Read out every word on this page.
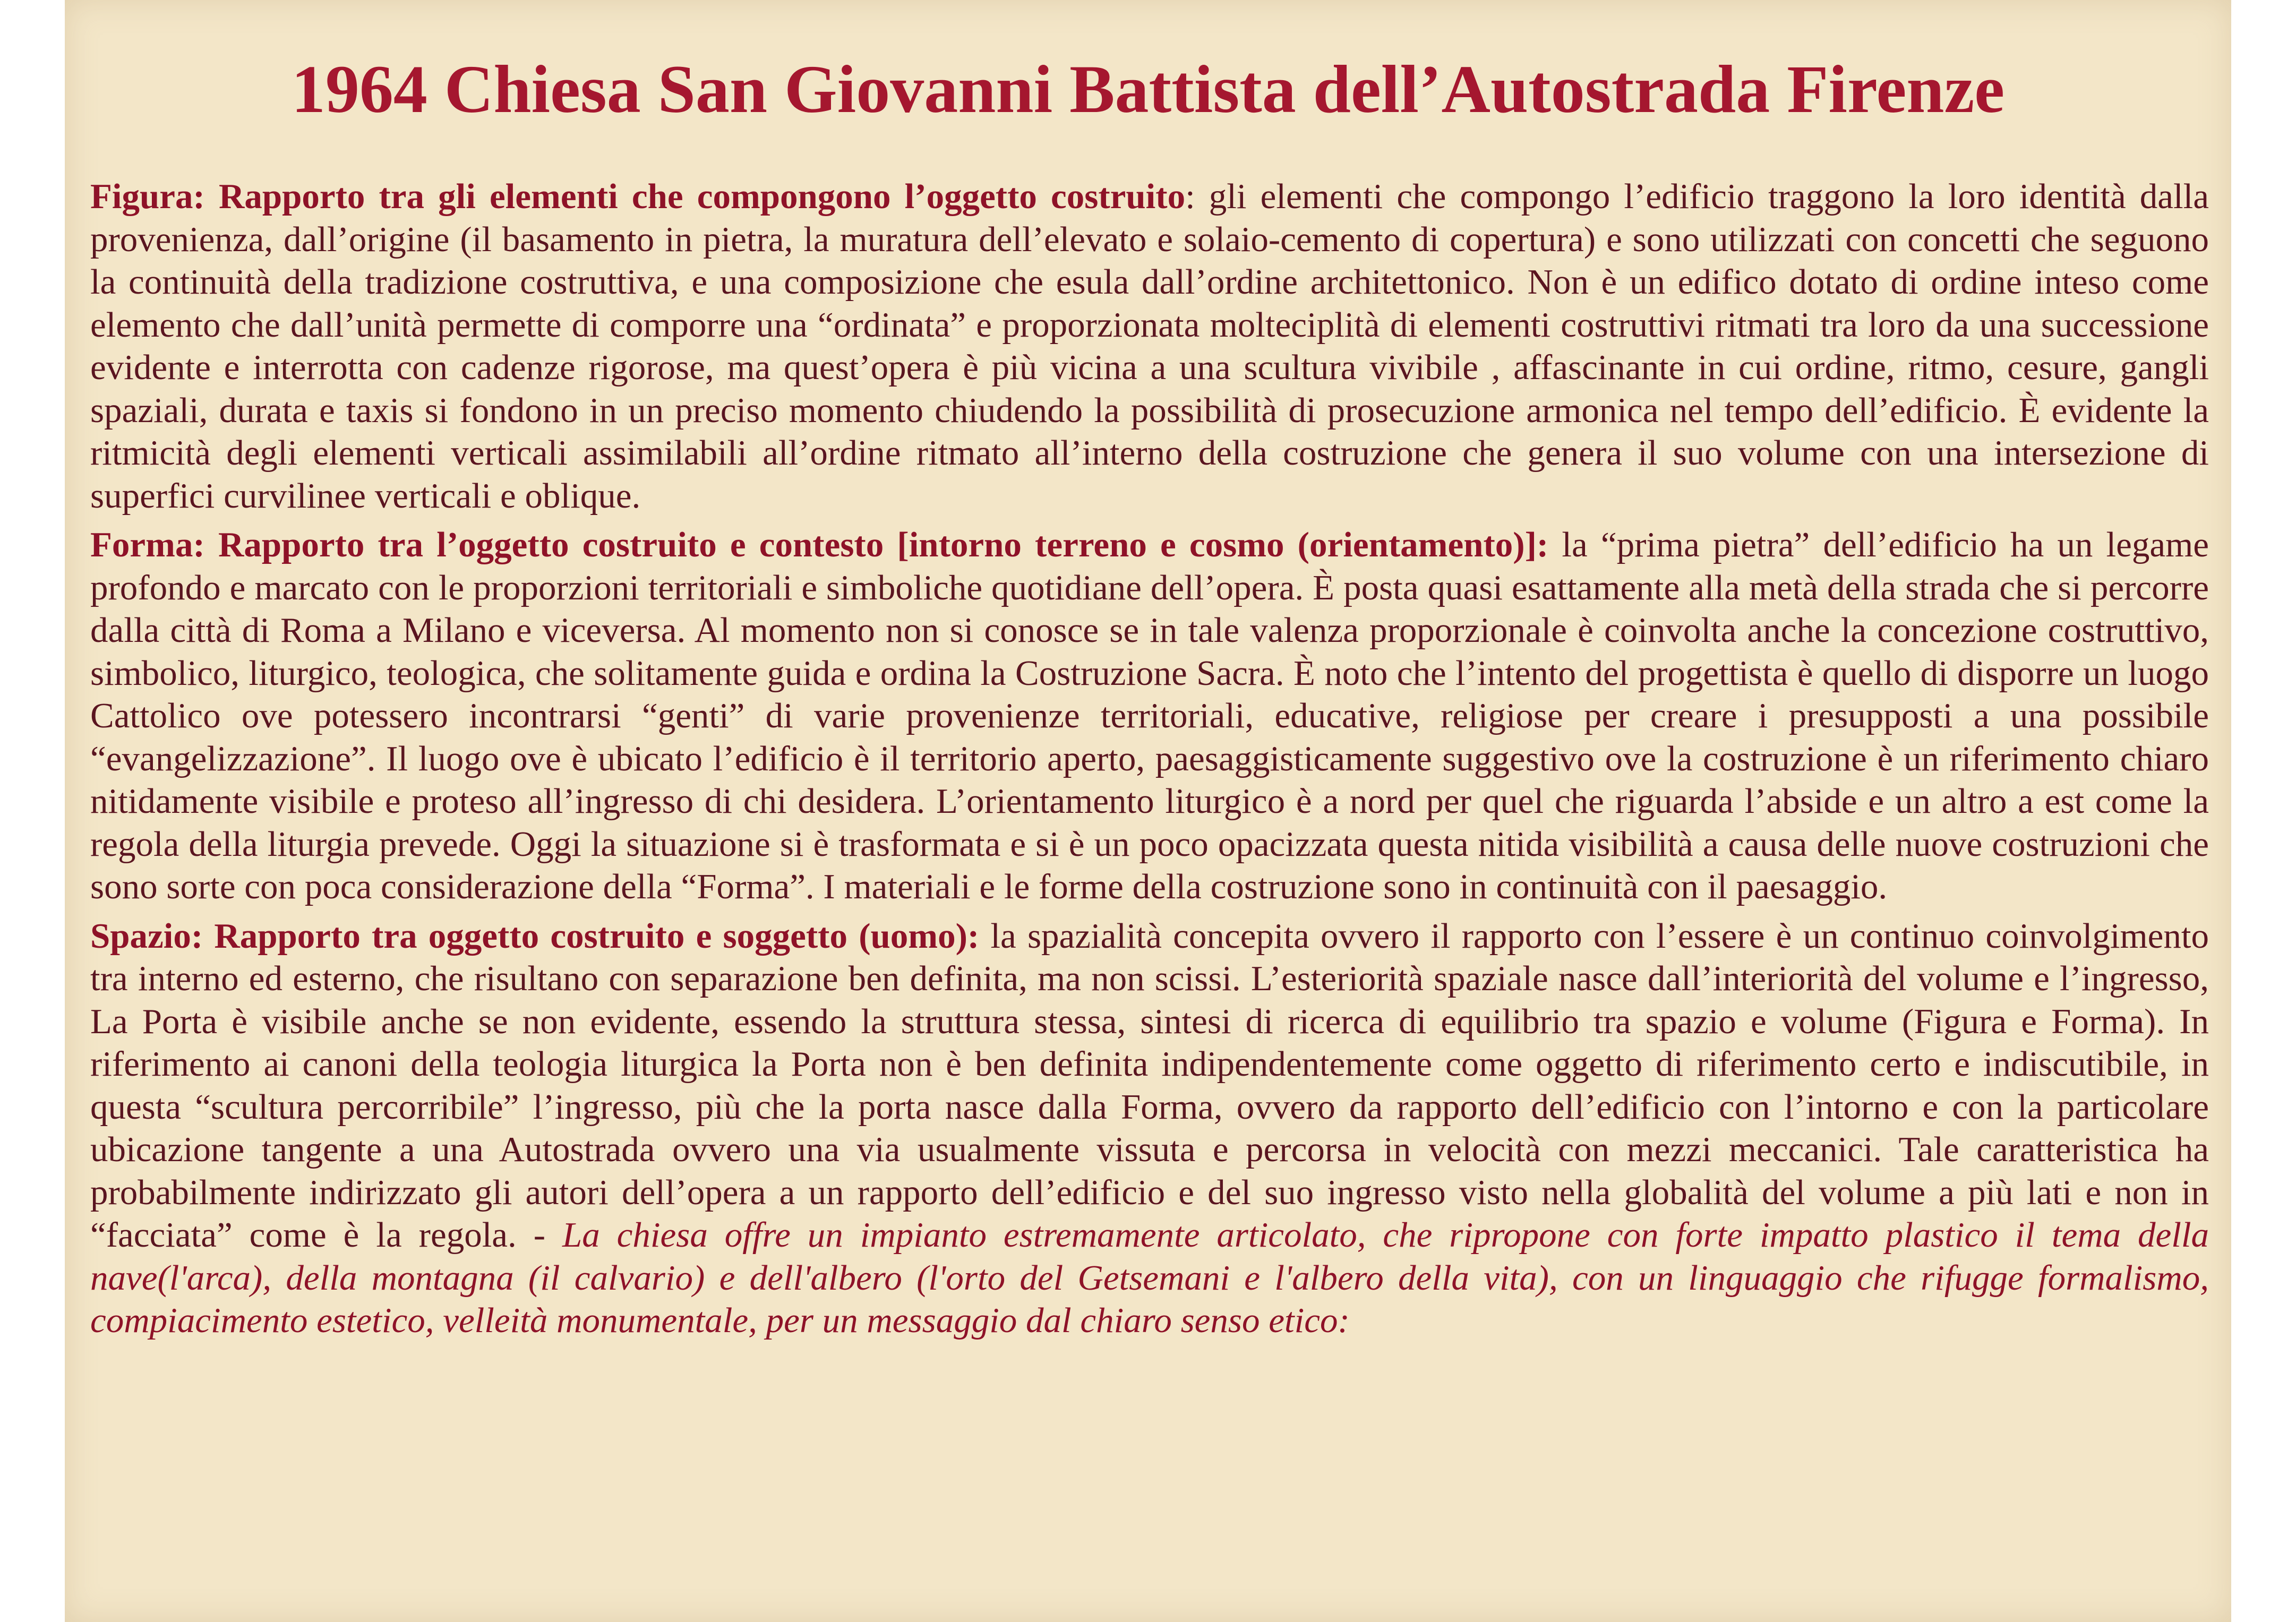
1964 Chiesa San Giovanni Battista dell’Autostrada Firenze

Figura: Rapporto tra gli elementi che compongono l’oggetto costruito: gli elementi che compongo l’edificio traggono la loro identità dalla provenienza, dall’origine (il basamento in pietra, la muratura dell’elevato e solaio-cemento di copertura) e sono utilizzati con concetti che seguono la continuità della tradizione costruttiva, e una composizione che esula dall’ordine architettonico. Non è un edifico dotato di ordine inteso come elemento che dall’unità permette di comporre una “ordinata” e proporzionata molteciplità di elementi costruttivi ritmati tra loro da una successione evidente e interrotta con cadenze rigorose, ma quest’opera è più vicina a una scultura vivibile , affascinante in cui ordine, ritmo, cesure, gangli spaziali, durata e taxis si fondono in un preciso momento chiudendo la possibilità di prosecuzione armonica nel tempo dell’edificio. È evidente la ritmicità degli elementi verticali assimilabili all’ordine ritmato all’interno della costruzione che genera il suo volume con una intersezione di superfici curvilinee verticali e oblique.

Forma: Rapporto tra l’oggetto costruito e contesto [intorno terreno e cosmo (orientamento)]: la “prima pietra” dell’edificio ha un legame profondo e marcato con le proporzioni territoriali e simboliche quotidiane dell’opera. È posta quasi esattamente alla metà della strada che si percorre dalla città di Roma a Milano e viceversa. Al momento non si conosce se in tale valenza proporzionale è coinvolta anche la concezione costruttivo, simbolico, liturgico, teologica, che solitamente guida e ordina la Costruzione Sacra. È noto che l’intento del progettista è quello di disporre un luogo Cattolico ove potessero incontrarsi “genti” di varie provenienze territoriali, educative, religiose per creare i presupposti a una possibile “evangelizzazione”. Il luogo ove è ubicato l’edificio è il territorio aperto, paesaggisticamente suggestivo ove la costruzione è un riferimento chiaro nitidamente visibile e proteso all’ingresso di chi desidera. L’orientamento liturgico è a nord per quel che riguarda l’abside e un altro a est come la regola della liturgia prevede. Oggi la situazione si è trasformata e si è un poco opacizzata questa nitida visibilità a causa delle nuove costruzioni che sono sorte con poca considerazione della “Forma”. I materiali e le forme della costruzione sono in continuità con il paesaggio.

Spazio: Rapporto tra oggetto costruito e soggetto (uomo): la spazialità concepita ovvero il rapporto con l’essere è un continuo coinvolgimento tra interno ed esterno, che risultano con separazione ben definita, ma non scissi. L’esteriorità spaziale nasce dall’interiorità del volume e l’ingresso, La Porta è visibile anche se non evidente, essendo la struttura stessa, sintesi di ricerca di equilibrio tra spazio e volume (Figura e Forma). In riferimento ai canoni della teologia liturgica la Porta non è ben definita indipendentemente come oggetto di riferimento certo e indiscutibile, in questa “scultura percorribile” l’ingresso, più che la porta nasce dalla Forma, ovvero da rapporto dell’edificio con l’intorno e con la particolare ubicazione tangente a una Autostrada ovvero una via usualmente vissuta e percorsa in velocità con mezzi meccanici. Tale caratteristica ha probabilmente indirizzato gli autori dell’opera a un rapporto dell’edificio e del suo ingresso visto nella globalità del volume a più lati e non in “facciata” come è la regola. - La chiesa offre un impianto estremamente articolato, che ripropone con forte impatto plastico il tema della nave(l'arca), della montagna (il calvario) e dell'albero (l'orto del Getsemani e l'albero della vita), con un linguaggio che rifugge formalismo, compiacimento estetico, velleità monumentale, per un messaggio dal chiaro senso etico:
